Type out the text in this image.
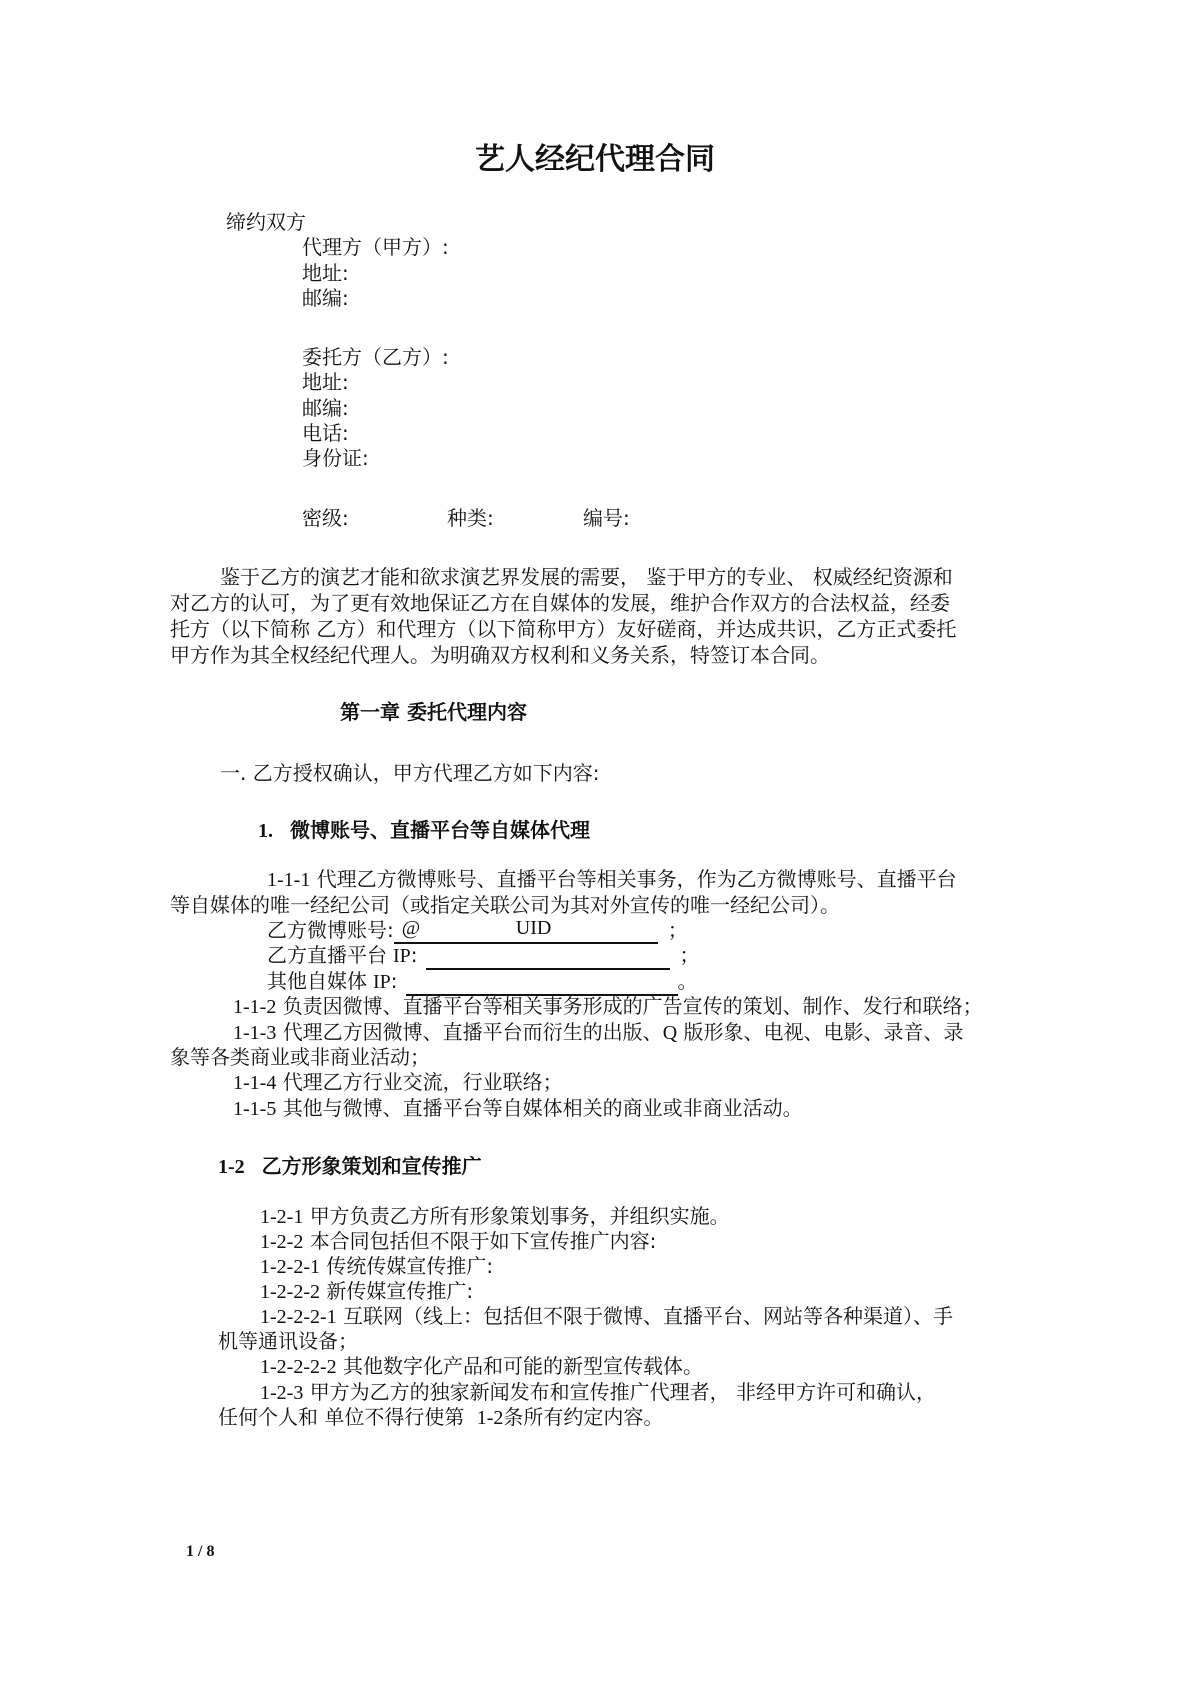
艺人经纪代理合同
缔约双方
代理方（甲方）:
地址:
邮编:
委托方（乙方）:
地址:
邮编:
电话:
身份证:
密级:	种类:	编号:
鉴于乙方的演艺才能和欲求演艺界发展的需要， 鉴于甲方的专业、 权威经纪资源和
对乙方的认可，为了更有效地保证乙方在自媒体的发展，维护合作双方的合法权益，经委
托方（以下简称 乙方）和代理方（以下简称甲方）友好磋商，并达成共识，乙方正式委托
甲方作为其全权经纪代理人。为明确双方权利和义务关系，特签订本合同。
第一章 委托代理内容
一. 乙方授权确认，甲方代理乙方如下内容:
1. 微博账号、直播平台等自媒体代理
1-1-1 代理乙方微博账号、直播平台等相关事务，作为乙方微博账号、直播平台
等自媒体的唯一经纪公司（或指定关联公司为其对外宣传的唯一经纪公司）。
乙方微博账号: @	UID	；
乙方直播平台 IP:	；
其他自媒体 IP:	。
1-1-2 负责因微博、直播平台等相关事务形成的广告宣传的策划、制作、发行和联络；
1-1-3 代理乙方因微博、直播平台而衍生的出版、Q 版形象、电视、电影、录音、录
象等各类商业或非商业活动；
1-1-4 代理乙方行业交流，行业联络；
1-1-5 其他与微博、直播平台等自媒体相关的商业或非商业活动。
1-2 乙方形象策划和宣传推广
1-2-1 甲方负责乙方所有形象策划事务，并组织实施。
1-2-2 本合同包括但不限于如下宣传推广内容:
1-2-2-1 传统传媒宣传推广:
1-2-2-2 新传媒宣传推广:
1-2-2-2-1 互联网（线上：包括但不限于微博、直播平台、网站等各种渠道）、手
机等通讯设备；
1-2-2-2-2 其他数字化产品和可能的新型宣传载体。
1-2-3 甲方为乙方的独家新闻发布和宣传推广代理者， 非经甲方许可和确认，
任何个人和 单位不得行使第 1-2条所有约定内容。
1 / 8
